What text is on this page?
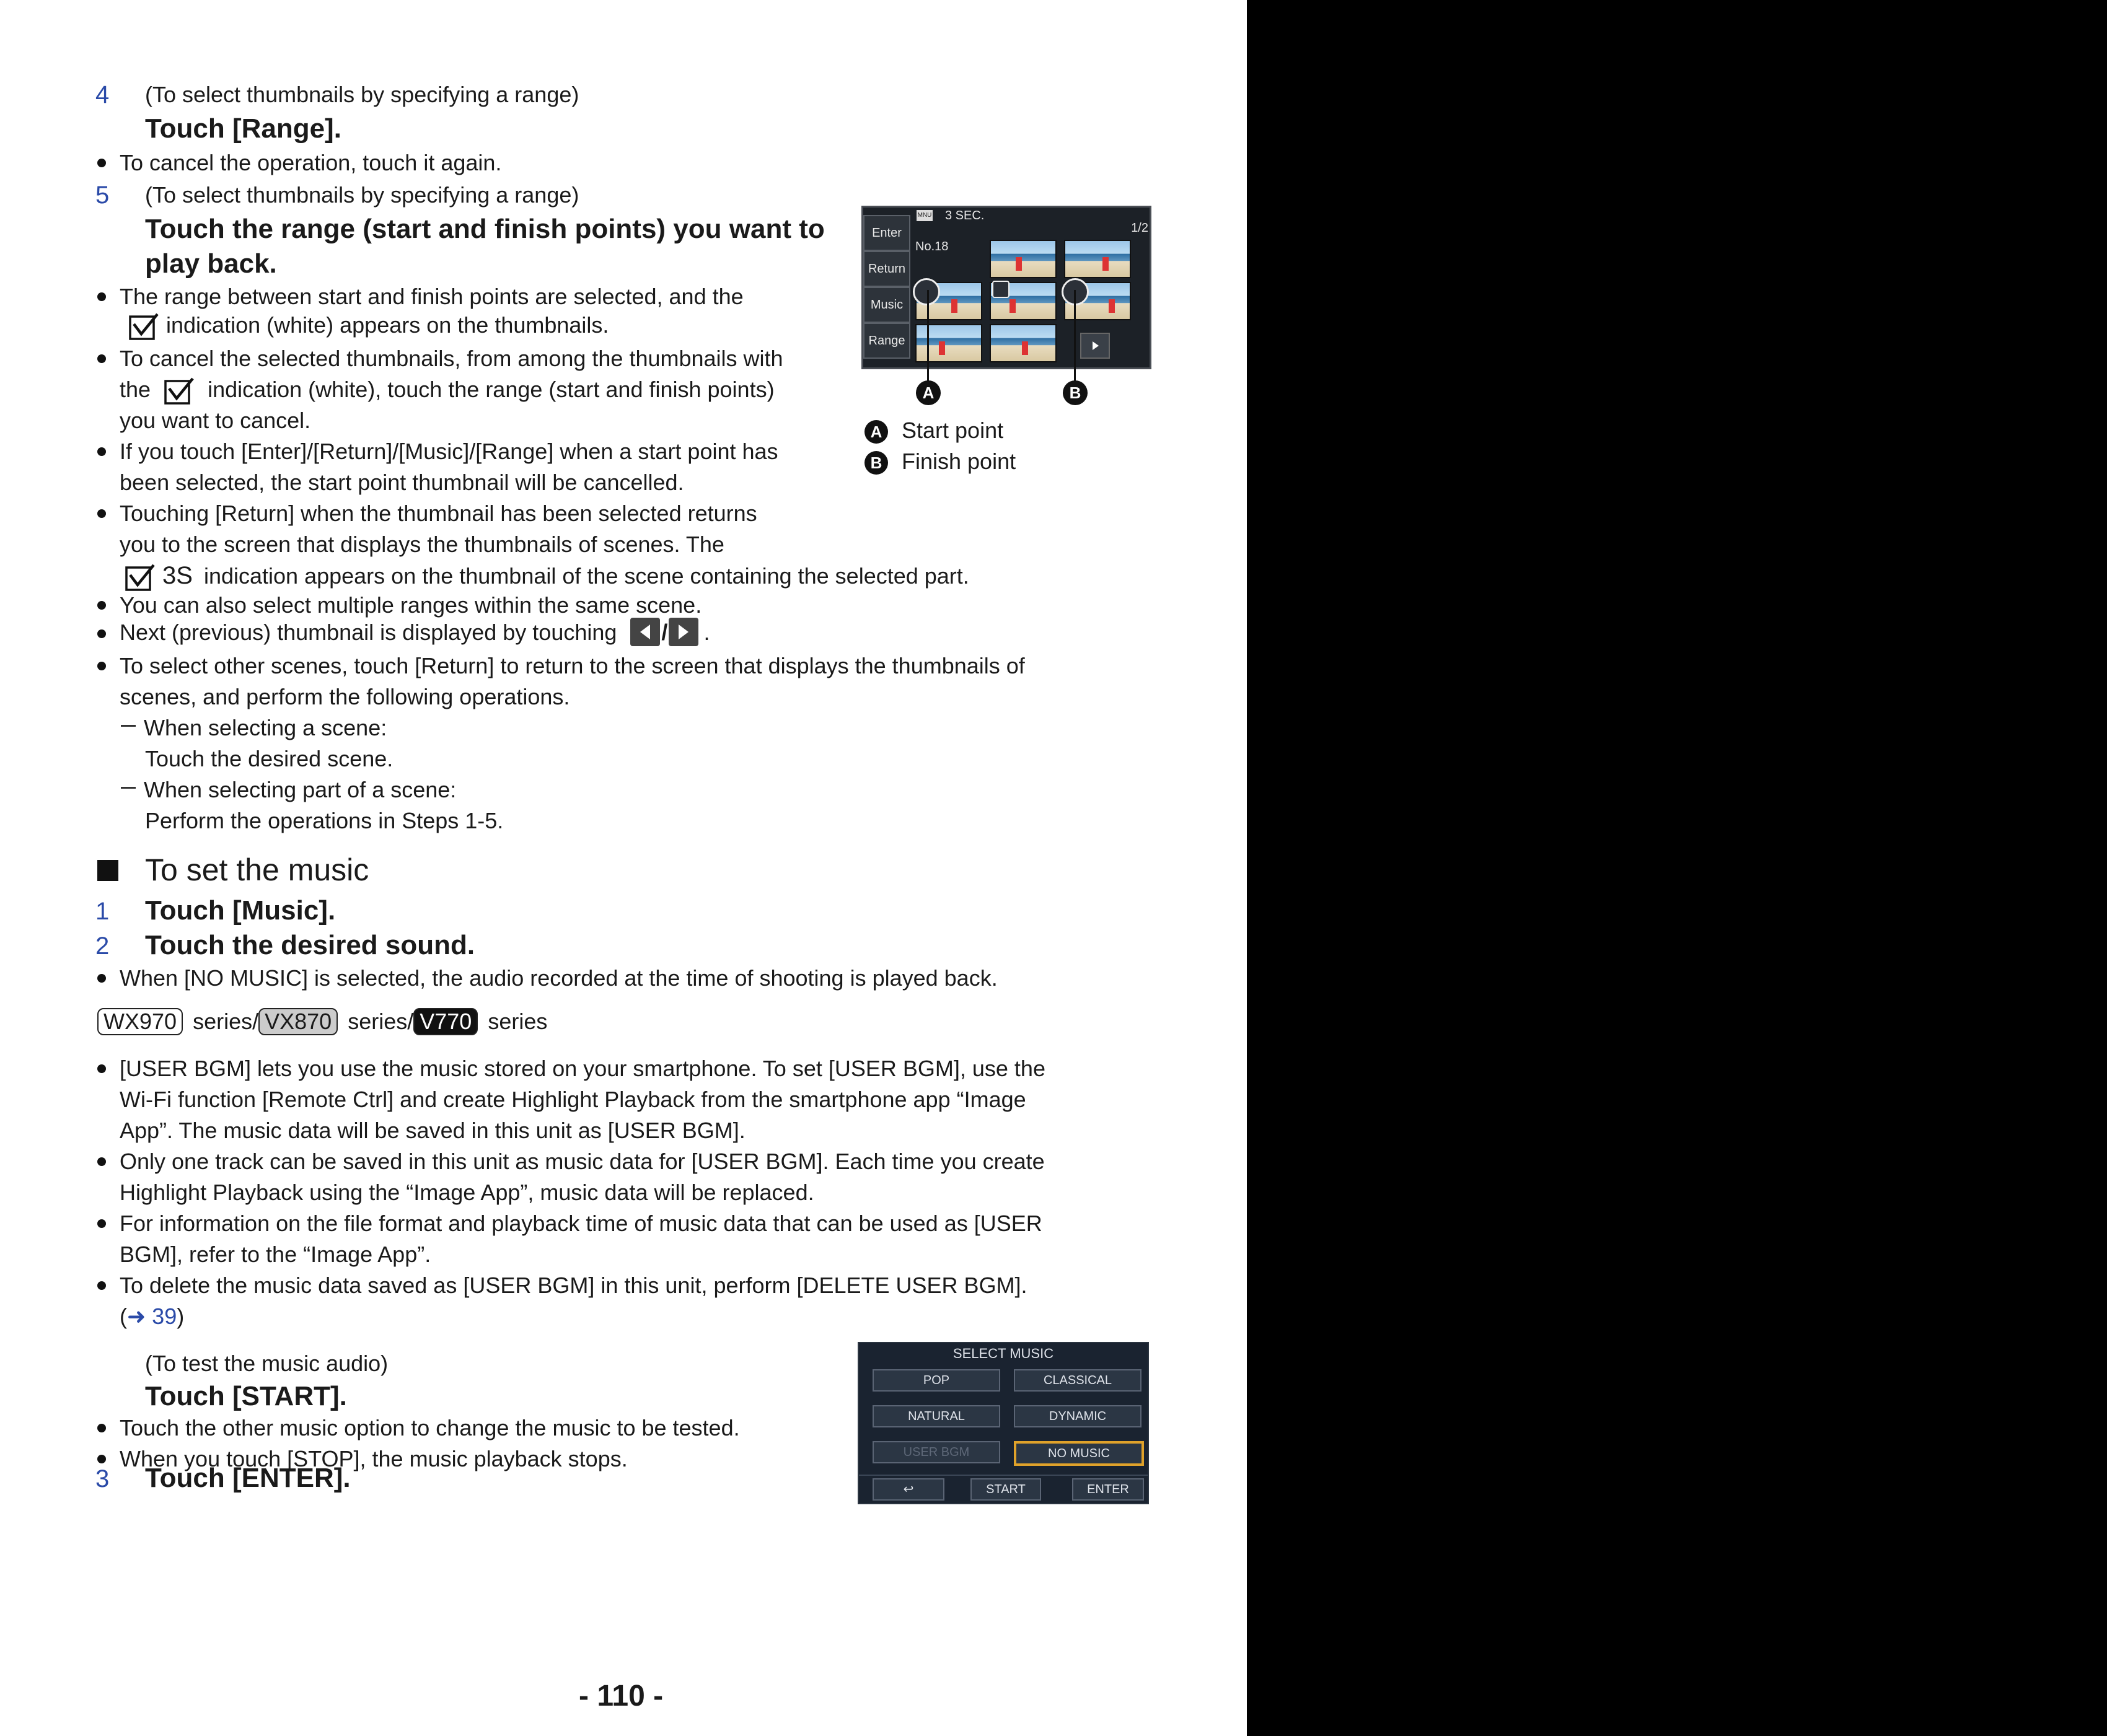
4 (To select thumbnails by specifying a range)
Touch [Range].
To cancel the operation, touch it again.
5 (To select thumbnails by specifying a range)
Touch the range (start and finish points) you want to
play back.
The range between start and finish points are selected, and the
indication (white) appears on the thumbnails.
To cancel the selected thumbnails, from among the thumbnails with
the	indication (white), touch the range (start and finish points)
you want to cancel.
If you touch [Enter]/[Return]/[Music]/[Range] when a start point has
been selected, the start point thumbnail will be cancelled.
Touching [Return] when the thumbnail has been selected returns
you to the screen that displays the thumbnails of scenes. The
3S indication appears on the thumbnail of the scene containing the selected part.
You can also select multiple ranges within the same scene.
Next (previous) thumbnail is displayed by touching / .
To select other scenes, touch [Return] to return to the screen that displays the thumbnails of
scenes, and perform the following operations.
When selecting a scene:
Touch the desired scene.
When selecting part of a scene:
Perform the operations in Steps 1-5.
MNU 3 SEC.
1/2
No.18
Enter
Return
Music
Range
A	B
A Start point
B Finish point
To set the music
1 Touch [Music].
2 Touch the desired sound.
When [NO MUSIC] is selected, the audio recorded at the time of shooting is played back.
WX970 series/ VX870 series/ V770 series
[USER BGM] lets you use the music stored on your smartphone. To set [USER BGM], use the
Wi-Fi function [Remote Ctrl] and create Highlight Playback from the smartphone app “Image
App”. The music data will be saved in this unit as [USER BGM].
Only one track can be saved in this unit as music data for [USER BGM]. Each time you create
Highlight Playback using the “Image App”, music data will be replaced.
For information on the file format and playback time of music data that can be used as [USER
BGM], refer to the “Image App”.
To delete the music data saved as [USER BGM] in this unit, perform [DELETE USER BGM].
(➜ 39)
(To test the music audio)
Touch [START].
Touch the other music option to change the music to be tested.
When you touch [STOP], the music playback stops.
3 Touch [ENTER].
SELECT MUSIC
POP	CLASSICAL
NATURAL	DYNAMIC
USER BGM	NO MUSIC
↩	START	ENTER
- 110 -
